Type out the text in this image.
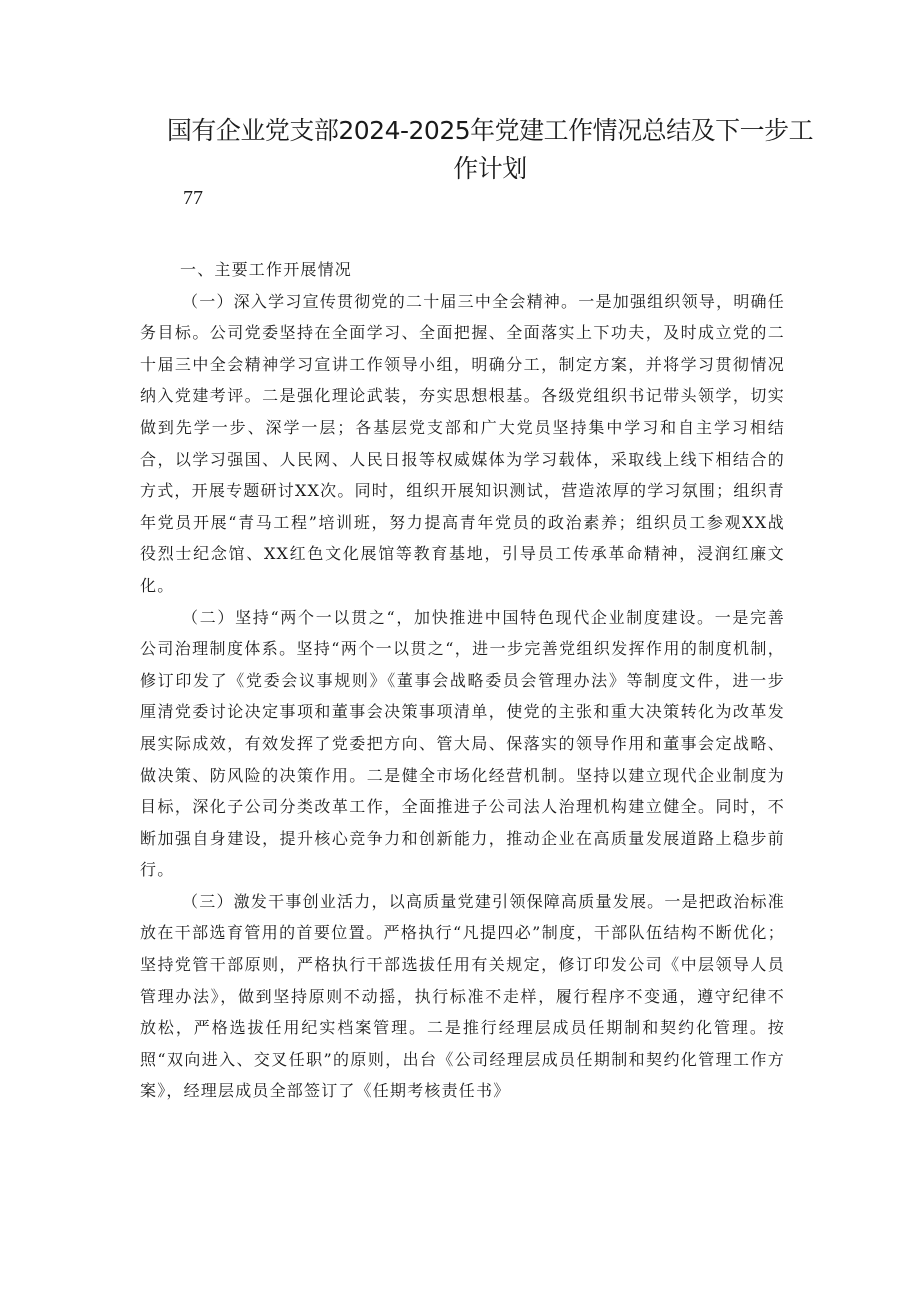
国有企业党支部2024-2025年党建工作情况总结及下一步工作计划
77

一、主要工作开展情况

（一）深入学习宣传贯彻党的二十届三中全会精神。一是加强组织领导，明确任务目标。公司党委坚持在全面学习、全面把握、全面落实上下功夫，及时成立党的二十届三中全会精神学习宣讲工作领导小组，明确分工，制定方案，并将学习贯彻情况纳入党建考评。二是强化理论武装，夯实思想根基。各级党组织书记带头领学，切实做到先学一步、深学一层；各基层党支部和广大党员坚持集中学习和自主学习相结合，以学习强国、人民网、人民日报等权威媒体为学习载体，采取线上线下相结合的方式，开展专题研讨XX次。同时，组织开展知识测试，营造浓厚的学习氛围；组织青年党员开展“青马工程”培训班，努力提高青年党员的政治素养；组织员工参观XX战役烈士纪念馆、XX红色文化展馆等教育基地，引导员工传承革命精神，浸润红廉文化。

（二）坚持“两个一以贯之“，加快推进中国特色现代企业制度建设。一是完善公司治理制度体系。坚持“两个一以贯之“，进一步完善党组织发挥作用的制度机制，修订印发了《党委会议事规则》《董事会战略委员会管理办法》等制度文件，进一步厘清党委讨论决定事项和董事会决策事项清单，使党的主张和重大决策转化为改革发展实际成效，有效发挥了党委把方向、管大局、保落实的领导作用和董事会定战略、做决策、防风险的决策作用。二是健全市场化经营机制。坚持以建立现代企业制度为目标，深化子公司分类改革工作，全面推进子公司法人治理机构建立健全。同时，不断加强自身建设，提升核心竞争力和创新能力，推动企业在高质量发展道路上稳步前行。

（三）激发干事创业活力，以高质量党建引领保障高质量发展。一是把政治标准放在干部选育管用的首要位置。严格执行“凡提四必”制度，干部队伍结构不断优化；坚持党管干部原则，严格执行干部选拔任用有关规定，修订印发公司《中层领导人员管理办法》，做到坚持原则不动摇，执行标准不走样，履行程序不变通，遵守纪律不放松，严格选拔任用纪实档案管理。二是推行经理层成员任期制和契约化管理。按照“双向进入、交叉任职”的原则，出台《公司经理层成员任期制和契约化管理工作方案》，经理层成员全部签订了《任期考核责任书》
